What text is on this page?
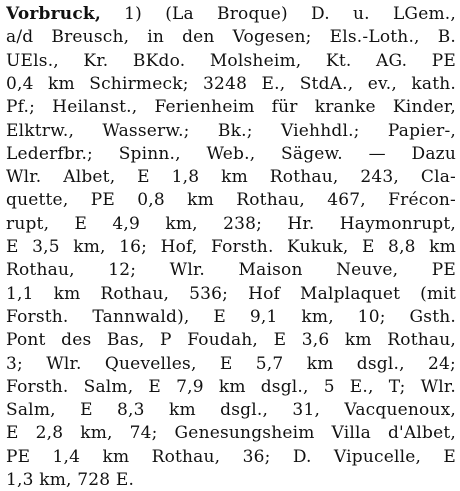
Vorbruck, 1) (La Broque) D. u. LGem.,
a/d Breusch, in den Vogesen; Els.-Loth., B.
UEls., Kr. BKdo. Molsheim, Kt. AG. PE
0,4 km Schirmeck; 3248 E., StdA., ev., kath.
Pf.; Heilanst., Ferienheim für kranke Kinder,
Elktrw., Wasserw.; Bk.; Viehhdl.; Papier-,
Lederfbr.; Spinn., Web., Sägew. — Dazu
Wlr. Albet, E 1,8 km Rothau, 243, Cla-
quette, PE 0,8 km Rothau, 467, Frécon-
rupt, E 4,9 km, 238; Hr. Haymonrupt,
E 3,5 km, 16; Hof, Forsth. Kukuk, E 8,8 km
Rothau, 12; Wlr. Maison Neuve, PE
1,1 km Rothau, 536; Hof Malplaquet (mit
Forsth. Tannwald), E 9,1 km, 10; Gsth.
Pont des Bas, P Foudah, E 3,6 km Rothau,
3; Wlr. Quevelles, E 5,7 km dsgl., 24;
Forsth. Salm, E 7,9 km dsgl., 5 E., T; Wlr.
Salm, E 8,3 km dsgl., 31, Vacquenoux,
E 2,8 km, 74; Genesungsheim Villa d'Albet,
PE 1,4 km Rothau, 36; D. Vipucelle, E
1,3 km, 728 E.
